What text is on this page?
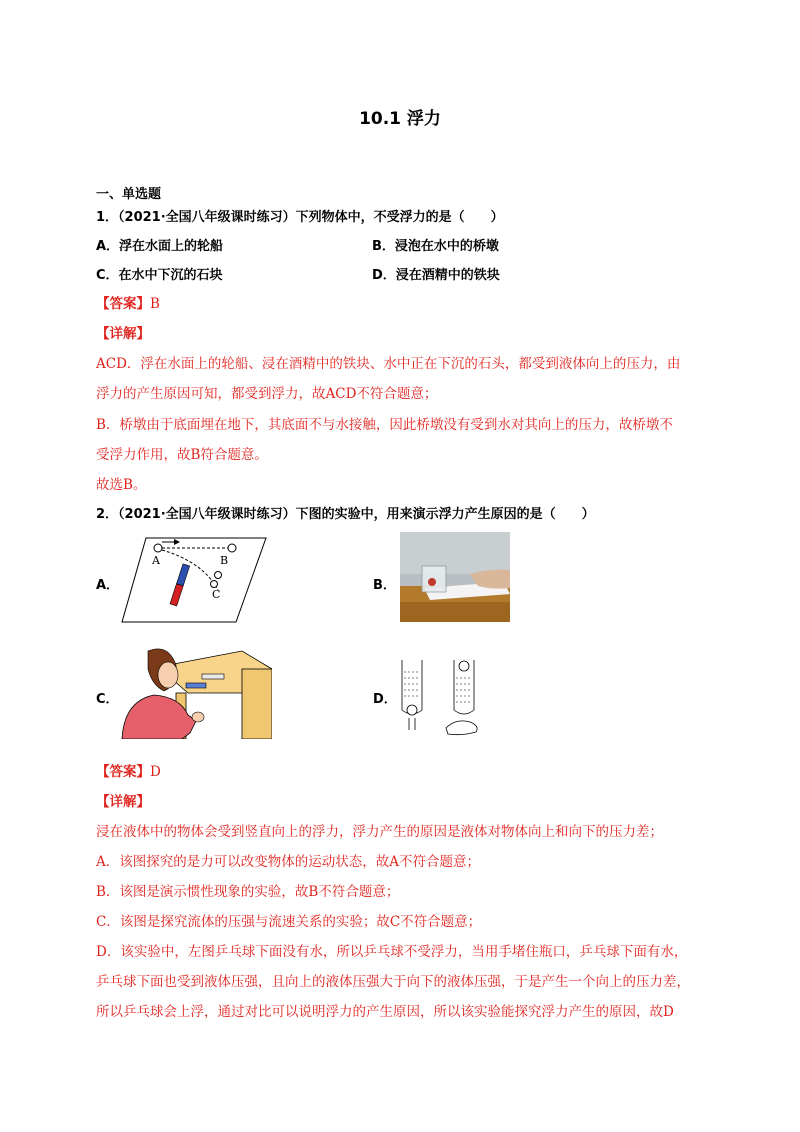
10.1 浮力
一、单选题
1．（2021·全国八年级课时练习）下列物体中，不受浮力的是（　　）
A．浮在水面上的轮船	B．浸泡在水中的桥墩
C．在水中下沉的石块	D．浸在酒精中的铁块
【答案】B
【详解】
ACD．浮在水面上的轮船、浸在酒精中的铁块、水中正在下沉的石头，都受到液体向上的压力，由
浮力的产生原因可知，都受到浮力，故ACD不符合题意；
B．桥墩由于底面埋在地下，其底面不与水接触，因此桥墩没有受到水对其向上的压力，故桥墩不
受浮力作用，故B符合题意。
故选B。
2．（2021·全国八年级课时练习）下图的实验中，用来演示浮力产生原因的是（　　）
A．	B．
C．	D．
A	B
C
【答案】D
【详解】
浸在液体中的物体会受到竖直向上的浮力，浮力产生的原因是液体对物体向上和向下的压力差；
A．该图探究的是力可以改变物体的运动状态，故A不符合题意；
B．该图是演示惯性现象的实验，故B不符合题意；
C．该图是探究流体的压强与流速关系的实验；故C不符合题意；
D．该实验中，左图乒乓球下面没有水，所以乒乓球不受浮力，当用手堵住瓶口，乒乓球下面有水，
乒乓球下面也受到液体压强，且向上的液体压强大于向下的液体压强，于是产生一个向上的压力差，
所以乒乓球会上浮，通过对比可以说明浮力的产生原因，所以该实验能探究浮力产生的原因，故D
